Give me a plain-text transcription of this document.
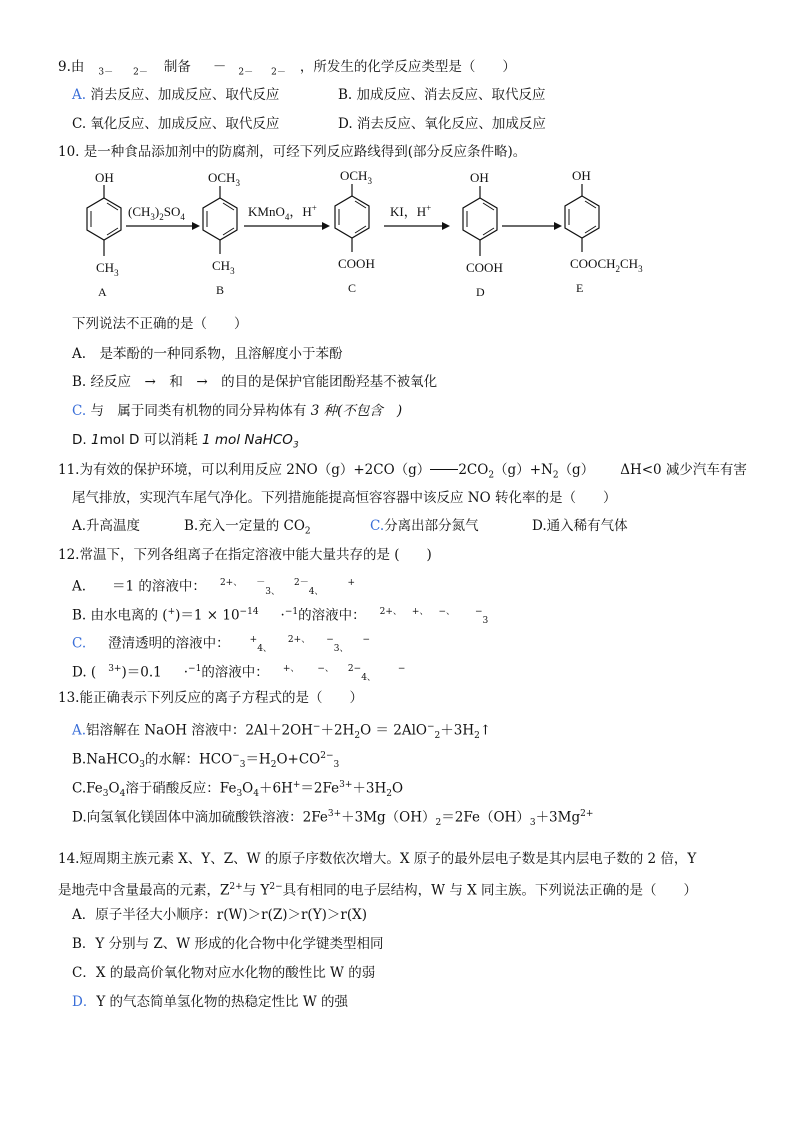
9.由 $_{3-}$ $_{2-}$ 制备 － $_{2-}$ $_{2-}$ ，所发生的化学反应类型是（　　）
A. 消去反应、加成反应、取代反应	B. 加成反应、消去反应、取代反应
C. 氧化反应、加成反应、取代反应	D. 消去反应、氧化反应、加成反应
10. 是一种食品添加剂中的防腐剂，可经下列反应路线得到(部分反应条件略)。
OH
$CH_3$
A
$(CH_3)_2SO_4$
$OCH_3$
$CH_3$
B
KMnO$_4$，H+
$OCH_3$
COOH
C
KI，H+
OH
COOH
D
OH
$COOCH_2CH_3$
E
下列说法不正确的是（　　）
A.　是苯酚的一种同系物，且溶解度小于苯酚
B. 经反应　→　和　→　的目的是保护官能团酚羟基不被氧化
C. 与　属于同类有机物的同分异构体有 3 种(不包含 )
D. 1mol D 可以消耗 1 mol NaHCO$_3$
11.为有效的保护环境，可以利用反应 2NO（g）+2CO（g） $2CO_2(g)+N_2(g)$ ΔH<0 减少汽车有害
尾气排放，实现汽车尾气净化。下列措施能提高恒容容器中该反应 NO 转化率的是（　　）
A.升高温度	B.充入一定量的 $CO_2$	C.分离出部分氮气	D.通入稀有气体
12.常温下，下列各组离子在指定溶液中能大量共存的是 (　　)
A. ＝1 的溶液中： $^{2+、}$ －$_{3、}^{2-}_{4、}$+
B. 由水电离的 $(^+)=1 \times 10^{-14} \cdot^{-1}$的溶液中： $^{2+、}$ +、 −、 −$_3$
C. 澄清透明的溶液中： +$_{4、}^{2+、}$ −$_{3、}$−
D. ( $^{3+}$)＝0.1 ·$^{-1}$的溶液中： +、 −、 $^{2-}_{4、}$−
13.能正确表示下列反应的离子方程式的是（　　）
A.铝溶解在 NaOH 溶液中：$2Al+2OH^-+2H_2O$ ＝ $2AlO^-_2+3H_2↑$
B.NaHCO$_3$的水解：$HCO^-_3=H_2O+CO^{2-}_3$
$C.Fe_3O_4$溶于硝酸反应：$Fe_3O_4+6H^+=2Fe^{3+}+3H_2O$
D.向氢氧化镁固体中滴加硫酸铁溶液：$2Fe^{3+}+3Mg(OH)_2=2Fe(OH)_3+3Mg^{2+}$
14.短周期主族元素 X、Y、Z、W 的原子序数依次增大。X 原子的最外层电子数是其内层电子数的 2 倍，Y
是地壳中含量最高的元素，$Z^{2+}$与 $Y^{2-}$具有相同的电子层结构，W 与 X 同主族。下列说法正确的是（　　）
A．原子半径大小顺序：r(W)＞r(Z)＞r(Y)＞r(X)
B．Y 分别与 Z、W 形成的化合物中化学键类型相同
C．X 的最高价氧化物对应水化物的酸性比 W 的弱
D．Y 的气态简单氢化物的热稳定性比 W 的强
